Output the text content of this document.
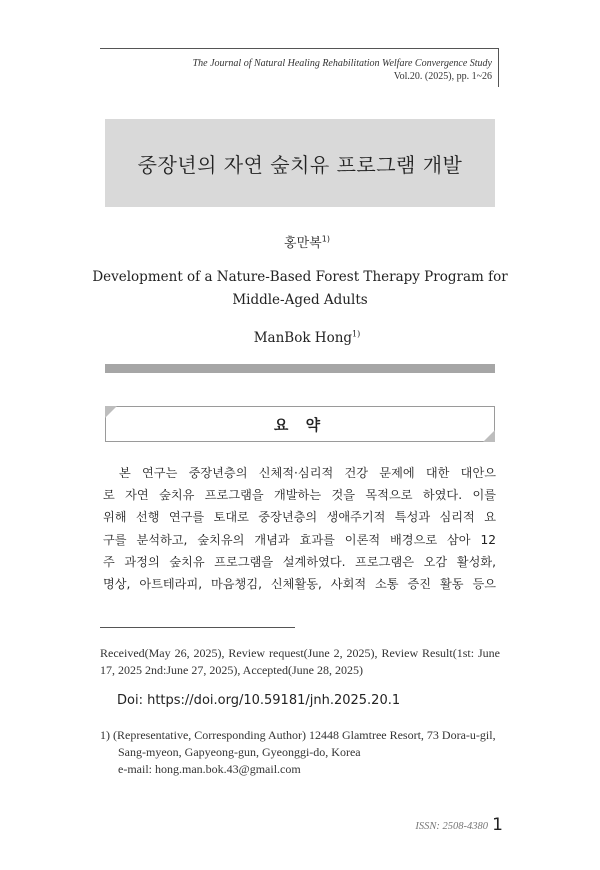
The Journal of Natural Healing Rehabilitation Welfare Convergence Study
Vol.20. (2025), pp. 1~26
중장년의 자연 숲치유 프로그램 개발
홍만복$^{1)}$
Development of a Nature-Based Forest Therapy Program for
Middle-Aged Adults
ManBok Hong$^{1)}$
요 약
본 연구는 중장년층의 신체적·심리적 건강 문제에 대한 대안으
로 자연 숲치유 프로그램을 개발하는 것을 목적으로 하였다. 이를
위해 선행 연구를 토대로 중장년층의 생애주기적 특성과 심리적 요
구를 분석하고, 숲치유의 개념과 효과를 이론적 배경으로 삼아 12
주 과정의 숲치유 프로그램을 설계하였다. 프로그램은 오감 활성화,
명상, 아트테라피, 마음챙김, 신체활동, 사회적 소통 증진 활동 등으
Received(May 26, 2025), Review request(June 2, 2025), Review Result(1st: June 17, 2025 2nd:June 27, 2025), Accepted(June 28, 2025)
Doi: https://doi.org/10.59181/jnh.2025.20.1
1) (Representative, Corresponding Author) 12448 Glamtree Resort, 73 Dora-u-gil,
Sang-myeon, Gapyeong-gun, Gyeonggi-do, Korea
e-mail: hong.man.bok.43@gmail.com
ISSN: 2508-4380 1
